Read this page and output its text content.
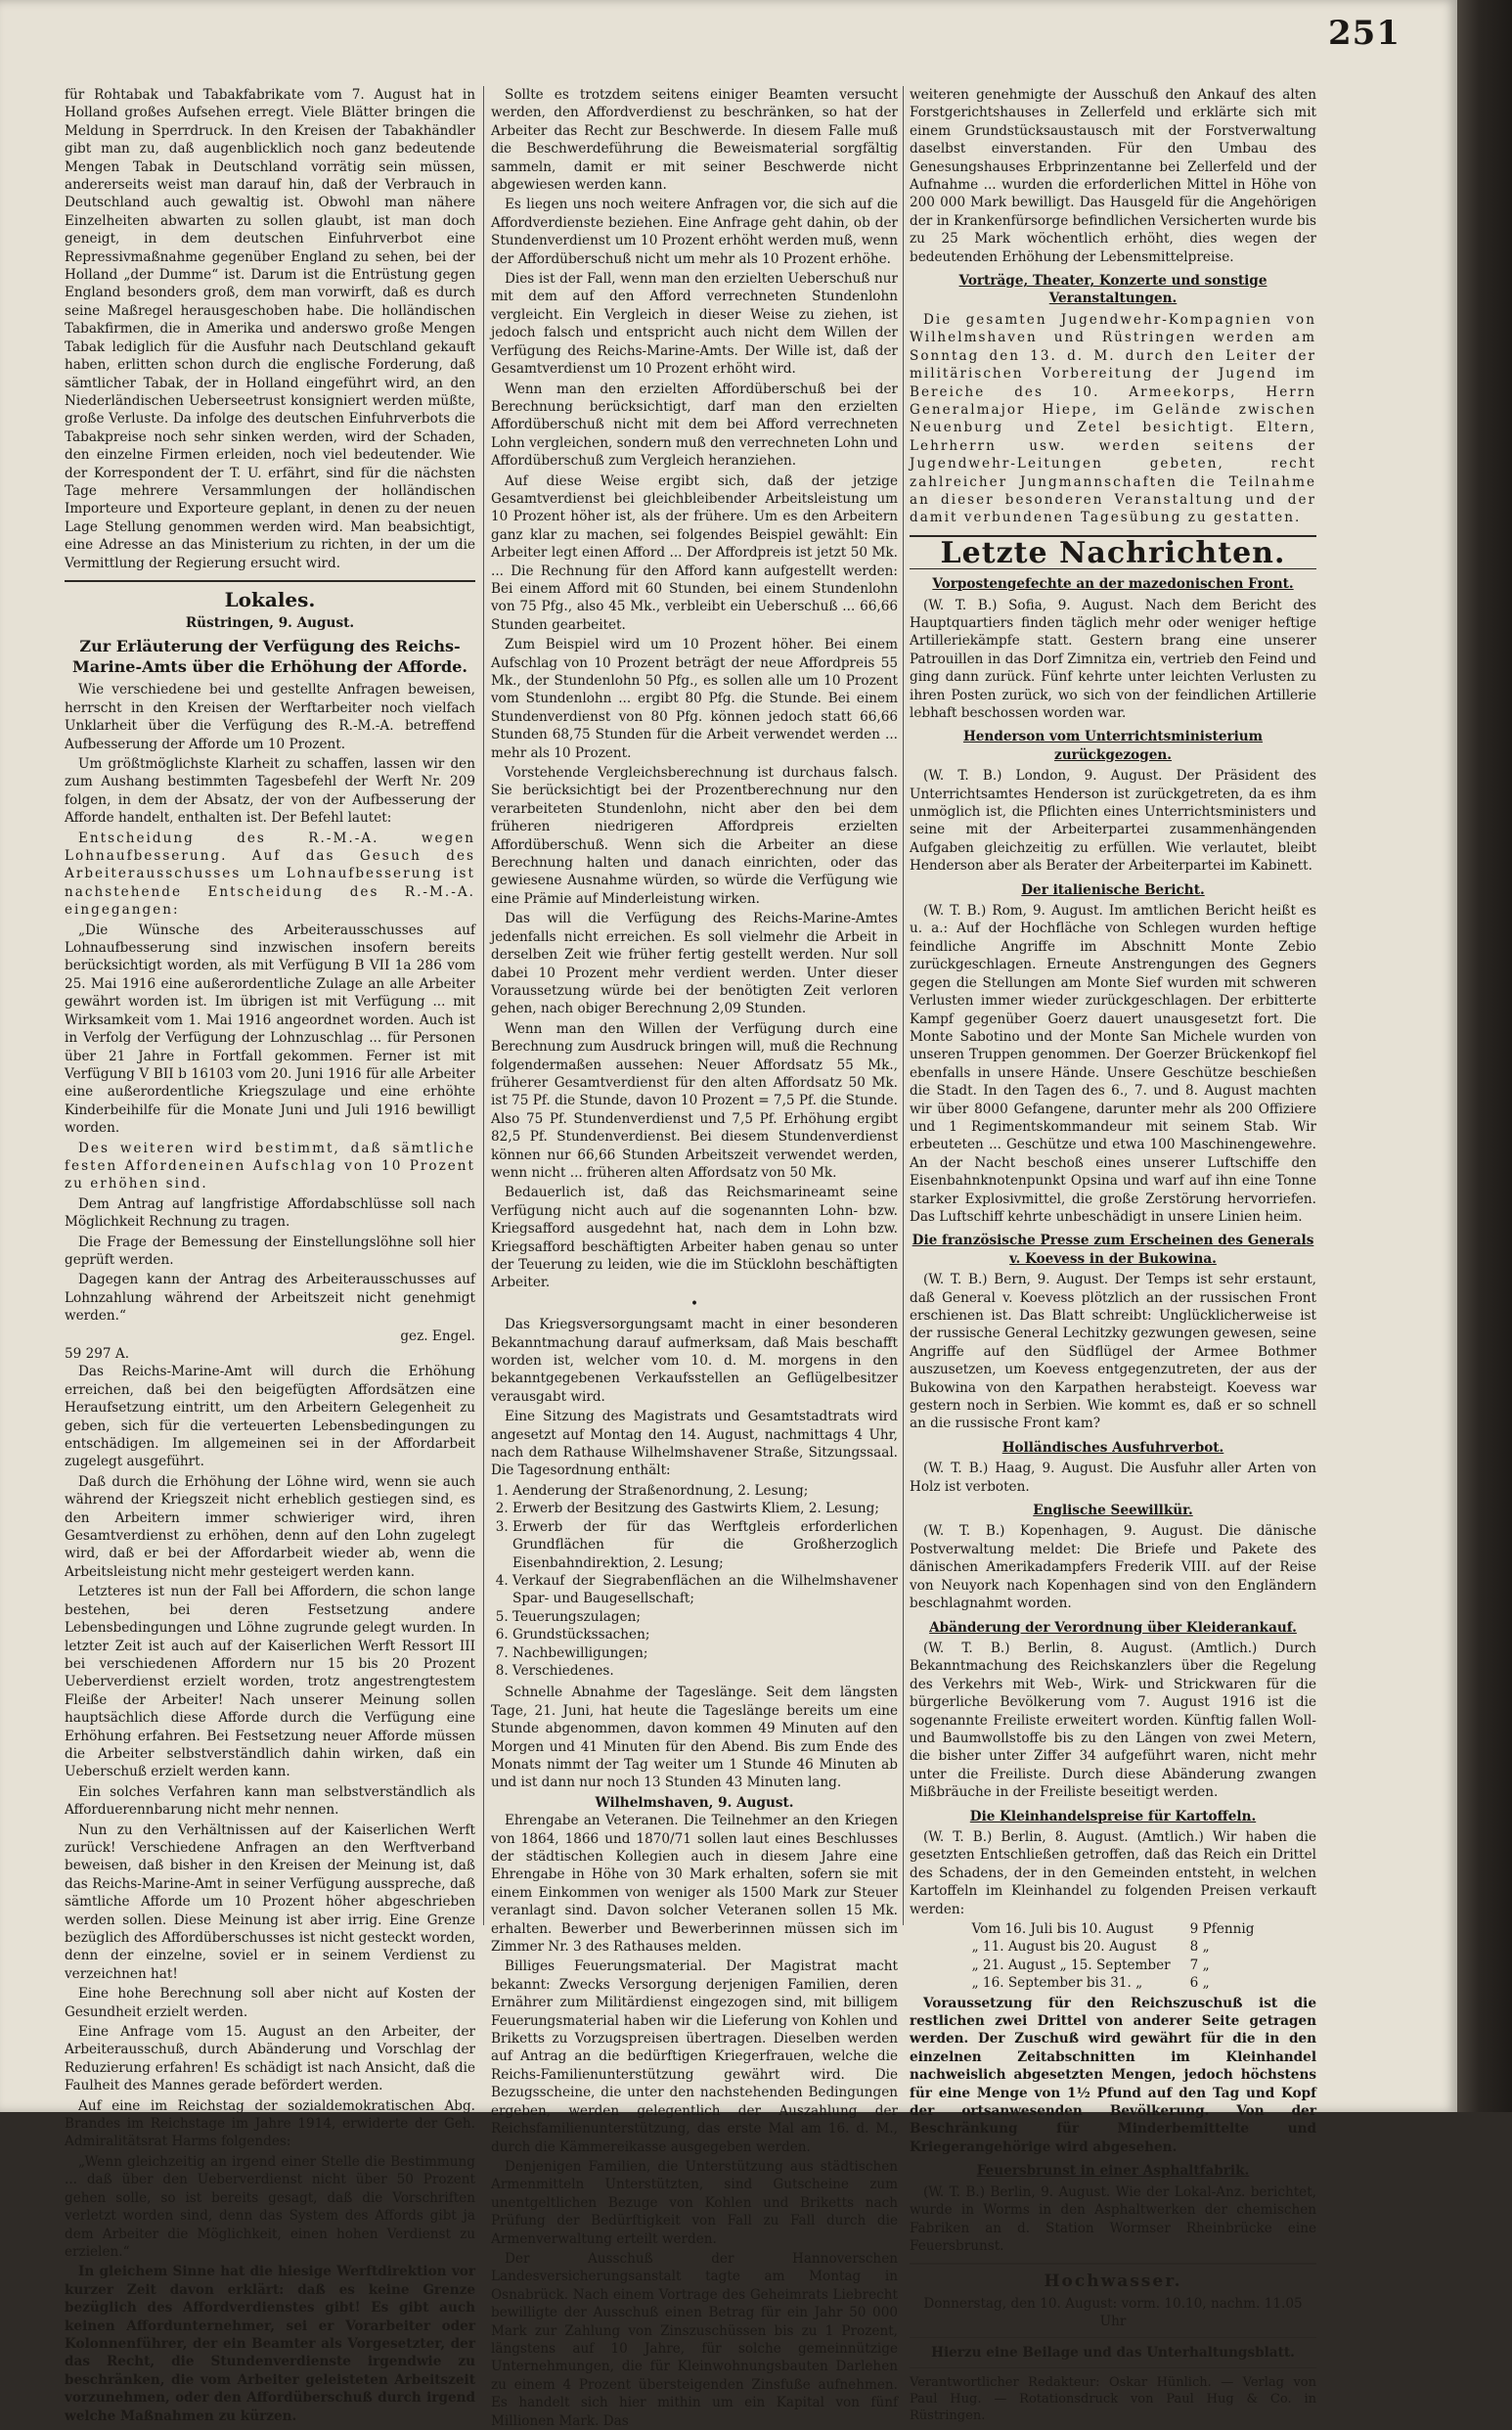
251

für Rohtabak und Tabakfabrikate vom 7. August hat in Holland großes Aufsehen erregt. Viele Blätter bringen die Meldung in Sperrdruck. In den Kreisen der Tabakhändler gibt man zu, daß augenblicklich noch ganz bedeutende Mengen Tabak in Deutschland vorrätig sein müssen, andererseits weist man darauf hin, daß der Verbrauch in Deutschland auch gewaltig ist. Obwohl man nähere Einzelheiten abwarten zu sollen glaubt, ist man doch geneigt, in dem deutschen Einfuhrverbot eine Repressivmaßnahme gegenüber England zu sehen, bei der Holland „der Dumme“ ist. Darum ist die Entrüstung gegen England besonders groß, dem man vorwirft, daß es durch seine Maßregel herausgeschoben habe. Die holländischen Tabakfirmen, die in Amerika und anderswo große Mengen Tabak lediglich für die Ausfuhr nach Deutschland gekauft haben, erlitten schon durch die englische Forderung, daß sämtlicher Tabak, der in Holland eingeführt wird, an den Niederländischen Ueberseetrust konsigniert werden müßte, große Verluste. Da infolge des deutschen Einfuhrverbots die Tabakpreise noch sehr sinken werden, wird der Schaden, den einzelne Firmen erleiden, noch viel bedeutender. Wie der Korrespondent der T. U. erfährt, sind für die nächsten Tage mehrere Versammlungen der holländischen Importeure und Exporteure geplant, in denen zu der neuen Lage Stellung genommen werden wird. Man beabsichtigt, eine Adresse an das Ministerium zu richten, in der um die Vermittlung der Regierung ersucht wird.

Lokales.
Rüstringen, 9. August.
Zur Erläuterung der Verfügung des Reichs-Marine-Amts über die Erhöhung der Afforde.

Wie verschiedene bei und gestellte Anfragen beweisen, herrscht in den Kreisen der Werftarbeiter noch vielfach Unklarheit über die Verfügung des R.-M.-A. betreffend Aufbesserung der Afforde um 10 Prozent.

Um größtmöglichste Klarheit zu schaffen, lassen wir den zum Aushang bestimmten Tagesbefehl der Werft Nr. 209 folgen, in dem der Absatz, der von der Aufbesserung der Afforde handelt, enthalten ist. Der Befehl lautet:

Entscheidung des R.-M.-A. wegen Lohnaufbesserung. Auf das Gesuch des Arbeiterausschusses um Lohnaufbesserung ist nachstehende Entscheidung des R.-M.-A. eingegangen:

„Die Wünsche des Arbeiterausschusses auf Lohnaufbesserung sind inzwischen insofern bereits berücksichtigt worden, als mit Verfügung B VII 1a 286 vom 25. Mai 1916 eine außerordentliche Zulage an alle Arbeiter gewährt worden ist. Im übrigen ist mit Verfügung ... mit Wirksamkeit vom 1. Mai 1916 angeordnet worden. Auch ist in Verfolg der Verfügung der Lohnzuschlag ... für Personen über 21 Jahre in Fortfall gekommen. Ferner ist mit Verfügung V BII b 16103 vom 20. Juni 1916 für alle Arbeiter eine außerordentliche Kriegszulage und eine erhöhte Kinderbeihilfe für die Monate Juni und Juli 1916 bewilligt worden.

Des weiteren wird bestimmt, daß sämtliche festen Affordeneinen Aufschlag von 10 Prozent zu erhöhen sind.

Dem Antrag auf langfristige Affordabschlüsse soll nach Möglichkeit Rechnung zu tragen.

Die Frage der Bemessung der Einstellungslöhne soll hier geprüft werden.

Dagegen kann der Antrag des Arbeiterausschusses auf Lohnzahlung während der Arbeitszeit nicht genehmigt werden.“

gez. Engel.
59 297 A.

Das Reichs-Marine-Amt will durch die Erhöhung erreichen, daß bei den beigefügten Affordsätzen eine Heraufsetzung eintritt, um den Arbeitern Gelegenheit zu geben, sich für die verteuerten Lebensbedingungen zu entschädigen. Im allgemeinen sei in der Affordarbeit zugelegt ausgeführt.

Daß durch die Erhöhung der Löhne wird, wenn sie auch während der Kriegszeit nicht erheblich gestiegen sind, es den Arbeitern immer schwieriger wird, ihren Gesamtverdienst zu erhöhen, denn auf den Lohn zugelegt wird, daß er bei der Affordarbeit wieder ab, wenn die Arbeitsleistung nicht mehr gesteigert werden kann.

Letzteres ist nun der Fall bei Affordern, die schon lange bestehen, bei deren Festsetzung andere Lebensbedingungen und Löhne zugrunde gelegt wurden. In letzter Zeit ist auch auf der Kaiserlichen Werft Ressort III bei verschiedenen Affordern nur 15 bis 20 Prozent Ueberverdienst erzielt worden, trotz angestrengtestem Fleiße der Arbeiter! Nach unserer Meinung sollen hauptsächlich diese Afforde durch die Verfügung eine Erhöhung erfahren. Bei Festsetzung neuer Afforde müssen die Arbeiter selbstverständlich dahin wirken, daß ein Ueberschuß erzielt werden kann.

Ein solches Verfahren kann man selbstverständlich als Afforduerennbarung nicht mehr nennen.

Nun zu den Verhältnissen auf der Kaiserlichen Werft zurück! Verschiedene Anfragen an den Werftverband beweisen, daß bisher in den Kreisen der Meinung ist, daß das Reichs-Marine-Amt in seiner Verfügung ausspreche, daß sämtliche Afforde um 10 Prozent höher abgeschrieben werden sollen. Diese Meinung ist aber irrig. Eine Grenze bezüglich des Affordüberschusses ist nicht gesteckt worden, denn der einzelne, soviel er in seinem Verdienst zu verzeichnen hat!

Eine hohe Berechnung soll aber nicht auf Kosten der Gesundheit erzielt werden.

Eine Anfrage vom 15. August an den Arbeiter, der Arbeiterausschuß, durch Abänderung und Vorschlag der Reduzierung erfahren! Es schädigt ist nach Ansicht, daß die Faulheit des Mannes gerade befördert werden.

Auf eine im Reichstag der sozialdemokratischen Abg. Brandes im Reichstage im Jahre 1914, erwiderte der Geh. Admiralitätsrat Harms folgendes:

„Wenn gleichzeitig an irgend einer Stelle die Bestimmung ... daß über den Ueberverdienst nicht über 50 Prozent gehen solle, so ist bereits gesagt, daß die Vorschriften verletzt worden sind, denn das System des Affords gibt ja dem Arbeiter die Möglichkeit, einen hohen Verdienst zu erzielen.“

In gleichem Sinne hat die hiesige Werftdirektion vor kurzer Zeit davon erklärt: daß es keine Grenze bezüglich des Affordverdienstes gibt! Es gibt auch keinen Affordunternehmer, sei er Vorarbeiter oder Kolonnenführer, der ein Beamter als Vorgesetzter, der das Recht, die Stundenverdienste irgendwie zu beschränken, die vom Arbeiter geleisteten Arbeitszeit vorzunehmen, oder den Affordüberschuß durch irgend welche Maßnahmen zu kürzen.

Sollte es trotzdem seitens einiger Beamten versucht werden, den Affordverdienst zu beschränken, so hat der Arbeiter das Recht zur Beschwerde. In diesem Falle muß die Beschwerdeführung die Beweismaterial sorgfältig sammeln, damit er mit seiner Beschwerde nicht abgewiesen werden kann.

Es liegen uns noch weitere Anfragen vor, die sich auf die Affordverdienste beziehen. Eine Anfrage geht dahin, ob der Stundenverdienst um 10 Prozent erhöht werden muß, wenn der Affordüberschuß nicht um mehr als 10 Prozent erhöhe.

Dies ist der Fall, wenn man den erzielten Ueberschuß nur mit dem auf den Afford verrechneten Stundenlohn vergleicht. Ein Vergleich in dieser Weise zu ziehen, ist jedoch falsch und entspricht auch nicht dem Willen der Verfügung des Reichs-Marine-Amts. Der Wille ist, daß der Gesamtverdienst um 10 Prozent erhöht wird.

Wenn man den erzielten Affordüberschuß bei der Berechnung berücksichtigt, darf man den erzielten Affordüberschuß nicht mit dem bei Afford verrechneten Lohn vergleichen, sondern muß den verrechneten Lohn und Affordüberschuß zum Vergleich heranziehen.

Auf diese Weise ergibt sich, daß der jetzige Gesamtverdienst bei gleichbleibender Arbeitsleistung um 10 Prozent höher ist, als der frühere. Um es den Arbeitern ganz klar zu machen, sei folgendes Beispiel gewählt: Ein Arbeiter legt einen Afford ... Der Affordpreis ist jetzt 50 Mk. ... Die Rechnung für den Afford kann aufgestellt werden: Bei einem Afford mit 60 Stunden, bei einem Stundenlohn von 75 Pfg., also 45 Mk., verbleibt ein Ueberschuß ... 66,66 Stunden gearbeitet.

Zum Beispiel wird um 10 Prozent höher. Bei einem Aufschlag von 10 Prozent beträgt der neue Affordpreis 55 Mk., der Stundenlohn 50 Pfg., es sollen alle um 10 Prozent vom Stundenlohn ... ergibt 80 Pfg. die Stunde. Bei einem Stundenverdienst von 80 Pfg. können jedoch statt 66,66 Stunden 68,75 Stunden für die Arbeit verwendet werden ... mehr als 10 Prozent.

Vorstehende Vergleichsberechnung ist durchaus falsch. Sie berücksichtigt bei der Prozentberechnung nur den verarbeiteten Stundenlohn, nicht aber den bei dem früheren niedrigeren Affordpreis erzielten Affordüberschuß. Wenn sich die Arbeiter an diese Berechnung halten und danach einrichten, oder das gewiesene Ausnahme würden, so würde die Verfügung wie eine Prämie auf Minderleistung wirken.

Das will die Verfügung des Reichs-Marine-Amtes jedenfalls nicht erreichen. Es soll vielmehr die Arbeit in derselben Zeit wie früher fertig gestellt werden. Nur soll dabei 10 Prozent mehr verdient werden. Unter dieser Voraussetzung würde bei der benötigten Zeit verloren gehen, nach obiger Berechnung 2,09 Stunden.

Wenn man den Willen der Verfügung durch eine Berechnung zum Ausdruck bringen will, muß die Rechnung folgendermaßen aussehen: Neuer Affordsatz 55 Mk., früherer Gesamtverdienst für den alten Affordsatz 50 Mk. ist 75 Pf. die Stunde, davon 10 Prozent = 7,5 Pf. die Stunde. Also 75 Pf. Stundenverdienst und 7,5 Pf. Erhöhung ergibt 82,5 Pf. Stundenverdienst. Bei diesem Stundenverdienst können nur 66,66 Stunden Arbeitszeit verwendet werden, wenn nicht ... früheren alten Affordsatz von 50 Mk.

Bedauerlich ist, daß das Reichsmarineamt seine Verfügung nicht auch auf die sogenannten Lohn- bzw. Kriegsafford ausgedehnt hat, nach dem in Lohn bzw. Kriegsafford beschäftigten Arbeiter haben genau so unter der Teuerung zu leiden, wie die im Stücklohn beschäftigten Arbeiter.

•

Das Kriegsversorgungsamt macht in einer besonderen Bekanntmachung darauf aufmerksam, daß Mais beschafft worden ist, welcher vom 10. d. M. morgens in den bekanntgegebenen Verkaufsstellen an Geflügelbesitzer verausgabt wird.

Eine Sitzung des Magistrats und Gesamtstadtrats wird angesetzt auf Montag den 14. August, nachmittags 4 Uhr, nach dem Rathause Wilhelmshavener Straße, Sitzungssaal. Die Tagesordnung enthält:

1. Aenderung der Straßenordnung, 2. Lesung;
2. Erwerb der Besitzung des Gastwirts Kliem, 2. Lesung;
3. Erwerb der für das Werftgleis erforderlichen Grundflächen für die Großherzoglich Eisenbahndirektion, 2. Lesung;
4. Verkauf der Siegrabenflächen an die Wilhelmshavener Spar- und Baugesellschaft;
5. Teuerungszulagen;
6. Grundstückssachen;
7. Nachbewilligungen;
8. Verschiedenes.

Schnelle Abnahme der Tageslänge. Seit dem längsten Tage, 21. Juni, hat heute die Tageslänge bereits um eine Stunde abgenommen, davon kommen 49 Minuten auf den Morgen und 41 Minuten für den Abend. Bis zum Ende des Monats nimmt der Tag weiter um 1 Stunde 46 Minuten ab und ist dann nur noch 13 Stunden 43 Minuten lang.

Wilhelmshaven, 9. August.

Ehrengabe an Veteranen. Die Teilnehmer an den Kriegen von 1864, 1866 und 1870/71 sollen laut eines Beschlusses der städtischen Kollegien auch in diesem Jahre eine Ehrengabe in Höhe von 30 Mark erhalten, sofern sie mit einem Einkommen von weniger als 1500 Mark zur Steuer veranlagt sind. Davon solcher Veteranen sollen 15 Mk. erhalten. Bewerber und Bewerberinnen müssen sich im Zimmer Nr. 3 des Rathauses melden.

Billiges Feuerungsmaterial. Der Magistrat macht bekannt: Zwecks Versorgung derjenigen Familien, deren Ernährer zum Militärdienst eingezogen sind, mit billigem Feuerungsmaterial haben wir die Lieferung von Kohlen und Briketts zu Vorzugspreisen übertragen. Dieselben werden auf Antrag an die bedürftigen Kriegerfrauen, welche die Reichs-Familienunterstützung gewährt wird. Die Bezugsscheine, die unter den nachstehenden Bedingungen ergeben, werden gelegentlich der Auszahlung der Reichsfamilienunterstützung, das erste Mal am 16. d. M., durch die Kämmereikasse ausgegeben werden.

Denjenigen Familien, die Unterstützung aus städtischen Armenmitteln Unterstützten, sind Gutscheine zum unentgeltlichen Bezuge von Kohlen und Briketts nach Prüfung der Bedürftigkeit von Fall zu Fall durch die Armenverwaltung erteilt werden.

Der Ausschuß der Hannoverschen Landesversicherungsanstalt tagte am Montag in Osnabrück. Nach einem Vortrage des Geheimrats Liebrecht bewilligte der Ausschuß einen Betrag für ein Jahr 50 000 Mark zur Zahlung von Zinszuschüssen bis zu 1 Prozent, längstens auf 10 Jahre, für solche gemeinnützige Unternehmungen, die für Kleinwohnungsbauten Darlehen zu einem 4 Prozent übersteigenden Zinsfuße aufnehmen. Es handelt sich hier mithin um ein Kapital von fünf Millionen Mark. Das

weiteren genehmigte der Ausschuß den Ankauf des alten Forstgerichtshauses in Zellerfeld und erklärte sich mit einem Grundstücksaustausch mit der Forstverwaltung daselbst einverstanden. Für den Umbau des Genesungshauses Erbprinzentanne bei Zellerfeld und der Aufnahme ... wurden die erforderlichen Mittel in Höhe von 200 000 Mark bewilligt. Das Hausgeld für die Angehörigen der in Krankenfürsorge befindlichen Versicherten wurde bis zu 25 Mark wöchentlich erhöht, dies wegen der bedeutenden Erhöhung der Lebensmittelpreise.

Vorträge, Theater, Konzerte und sonstige Veranstaltungen.

Die gesamten Jugendwehr-Kompagnien von Wilhelmshaven und Rüstringen werden am Sonntag den 13. d. M. durch den Leiter der militärischen Vorbereitung der Jugend im Bereiche des 10. Armeekorps, Herrn Generalmajor Hiepe, im Gelände zwischen Neuenburg und Zetel besichtigt. Eltern, Lehrherrn usw. werden seitens der Jugendwehr-Leitungen gebeten, recht zahlreicher Jungmannschaften die Teilnahme an dieser besonderen Veranstaltung und der damit verbundenen Tagesübung zu gestatten.

Letzte Nachrichten.
Vorpostengefechte an der mazedonischen Front.

(W. T. B.) Sofia, 9. August. Nach dem Bericht des Hauptquartiers finden täglich mehr oder weniger heftige Artilleriekämpfe statt. Gestern brang eine unserer Patrouillen in das Dorf Zimnitza ein, vertrieb den Feind und ging dann zurück. Fünf kehrte unter leichten Verlusten zu ihren Posten zurück, wo sich von der feindlichen Artillerie lebhaft beschossen worden war.

Henderson vom Unterrichtsministerium zurückgezogen.

(W. T. B.) London, 9. August. Der Präsident des Unterrichtsamtes Henderson ist zurückgetreten, da es ihm unmöglich ist, die Pflichten eines Unterrichtsministers und seine mit der Arbeiterpartei zusammenhängenden Aufgaben gleichzeitig zu erfüllen. Wie verlautet, bleibt Henderson aber als Berater der Arbeiterpartei im Kabinett.

Der italienische Bericht.

(W. T. B.) Rom, 9. August. Im amtlichen Bericht heißt es u. a.: Auf der Hochfläche von Schlegen wurden heftige feindliche Angriffe im Abschnitt Monte Zebio zurückgeschlagen. Erneute Anstrengungen des Gegners gegen die Stellungen am Monte Sief wurden mit schweren Verlusten immer wieder zurückgeschlagen. Der erbitterte Kampf gegenüber Goerz dauert unausgesetzt fort. Die Monte Sabotino und der Monte San Michele wurden von unseren Truppen genommen. Der Goerzer Brückenkopf fiel ebenfalls in unsere Hände. Unsere Geschütze beschießen die Stadt. In den Tagen des 6., 7. und 8. August machten wir über 8000 Gefangene, darunter mehr als 200 Offiziere und 1 Regimentskommandeur mit seinem Stab. Wir erbeuteten ... Geschütze und etwa 100 Maschinengewehre. An der Nacht beschoß eines unserer Luftschiffe den Eisenbahnknotenpunkt Opsina und warf auf ihn eine Tonne starker Explosivmittel, die große Zerstörung hervorriefen. Das Luftschiff kehrte unbeschädigt in unsere Linien heim.

Die französische Presse zum Erscheinen des Generals v. Koevess in der Bukowina.

(W. T. B.) Bern, 9. August. Der Temps ist sehr erstaunt, daß General v. Koevess plötzlich an der russischen Front erschienen ist. Das Blatt schreibt: Unglücklicherweise ist der russische General Lechitzky gezwungen gewesen, seine Angriffe auf den Südflügel der Armee Bothmer auszusetzen, um Koevess entgegenzutreten, der aus der Bukowina von den Karpathen herabsteigt. Koevess war gestern noch in Serbien. Wie kommt es, daß er so schnell an die russische Front kam?

Holländisches Ausfuhrverbot.

(W. T. B.) Haag, 9. August. Die Ausfuhr aller Arten von Holz ist verboten.

Englische Seewillkür.

(W. T. B.) Kopenhagen, 9. August. Die dänische Postverwaltung meldet: Die Briefe und Pakete des dänischen Amerikadampfers Frederik VIII. auf der Reise von Neuyork nach Kopenhagen sind von den Engländern beschlagnahmt worden.

Abänderung der Verordnung über Kleiderankauf.

(W. T. B.) Berlin, 8. August. (Amtlich.) Durch Bekanntmachung des Reichskanzlers über die Regelung des Verkehrs mit Web-, Wirk- und Strickwaren für die bürgerliche Bevölkerung vom 7. August 1916 ist die sogenannte Freiliste erweitert worden. Künftig fallen Woll- und Baumwollstoffe bis zu den Längen von zwei Metern, die bisher unter Ziffer 34 aufgeführt waren, nicht mehr unter die Freiliste. Durch diese Abänderung zwangen Mißbräuche in der Freiliste beseitigt werden.

Die Kleinhandelspreise für Kartoffeln.

(W. T. B.) Berlin, 8. August. (Amtlich.) Wir haben die gesetzten Entschließen getroffen, daß das Reich ein Drittel des Schadens, der in den Gemeinden entsteht, in welchen Kartoffeln im Kleinhandel zu folgenden Preisen verkauft werden:

Vom 16. Juli bis 10. August	9 Pfennig
„ 11. August bis 20. August	8 „
„ 21. August „ 15. September	7 „
„ 16. September bis 31. „	6 „

Voraussetzung für den Reichszuschuß ist die restlichen zwei Drittel von anderer Seite getragen werden. Der Zuschuß wird gewährt für die in den einzelnen Zeitabschnitten im Kleinhandel nachweislich abgesetzten Mengen, jedoch höchstens für eine Menge von 1½ Pfund auf den Tag und Kopf der ortsanwesenden Bevölkerung. Von der Beschränkung für Minderbemittelte und Kriegerangehörige wird abgesehen.

Feuersbrunst in einer Asphaltfabrik.

(W. T. B.) Berlin, 9. August. Wie der Lokal-Anz. berichtet, wurde in Worms in den Asphaltwerken der chemischen Fabriken an d. Station Wormser Rheinbrücke eine Feuersbrunst.

Hochwasser.
Donnerstag, den 10. August: vorm. 10.10, nachm. 11.05 Uhr
Hierzu eine Beilage und das Unterhaltungsblatt.
Verantwortlicher Redakteur: Oskar Hünlich. — Verlag von Paul Hug. — Rotationsdruck von Paul Hug & Co. in Rüstringen.
